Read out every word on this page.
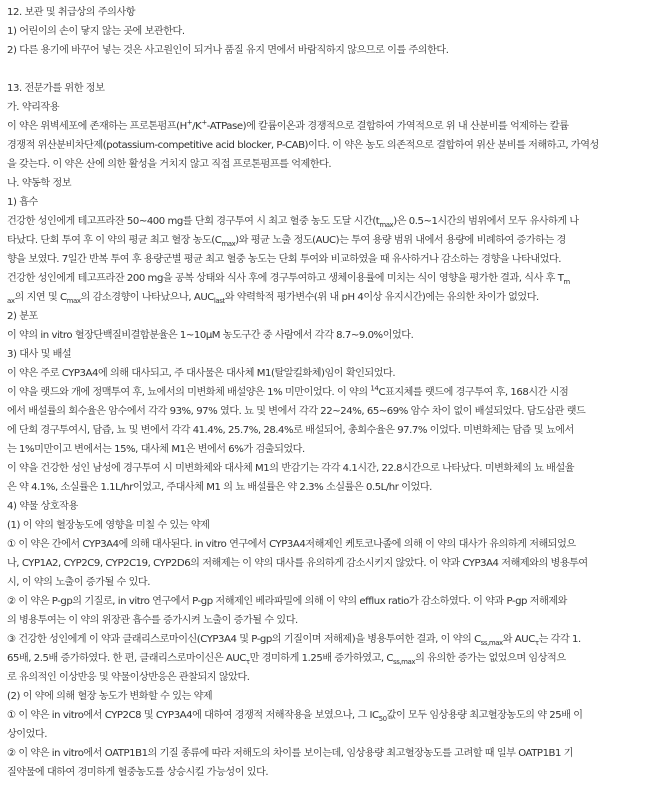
12. 보관 및 취급상의 주의사항
1) 어린이의 손이 닿지 않는 곳에 보관한다.
2) 다른 용기에 바꾸어 넣는 것은 사고원인이 되거나 품질 유지 면에서 바람직하지 않으므로 이를 주의한다.
13. 전문가를 위한 정보
가. 약리작용
이 약은 위벽세포에 존재하는 프로톤펌프(H+/K+-ATPase)에 칼륨이온과 경쟁적으로 결합하여 가역적으로 위 내 산분비를 억제하는 칼륨
경쟁적 위산분비차단제(potassium-competitive acid blocker, P-CAB)이다. 이 약은 농도 의존적으로 결합하여 위산 분비를 저해하고, 가역성
을 갖는다. 이 약은 산에 의한 활성을 거치지 않고 직접 프로톤펌프를 억제한다.
나. 약동학 정보
1) 흡수
건강한 성인에게 테고프라잔 50~400 mg를 단회 경구투여 시 최고 혈중 농도 도달 시간$(t_{max})$은 0.5~1시간의 범위에서 모두 유사하게 나
타났다. 단회 투여 후 이 약의 평균 최고 혈장 농도$(C_{max})$와 평균 노출 정도(AUC)는 투여 용량 범위 내에서 용량에 비례하여 증가하는 경
향을 보였다. 7일간 반복 투여 후 용량군별 평균 최고 혈중 농도는 단회 투여와 비교하였을 때 유사하거나 감소하는 경향을 나타내었다.
건강한 성인에게 테고프라잔 200 mg을 공복 상태와 식사 후에 경구투여하고 생체이용률에 미치는 식이 영향을 평가한 결과, 식사 후 $T_m$
$_{ax}$의 지연 및 $C_{max}$의 감소경향이 나타났으나, $AUC_{last}$와 약력학적 평가변수(위 내 pH 4이상 유지시간)에는 유의한 차이가 없었다.
2) 분포
이 약의 in vitro 혈장단백질비결합분율은 1~10μM 농도구간 중 사람에서 각각 8.7~9.0%이었다.
3) 대사 및 배설
이 약은 주로 CYP3A4에 의해 대사되고, 주 대사물은 대사체 M1(탈알킬화체)임이 확인되었다.
이 약을 랫드와 개에 정맥투여 후, 뇨에서의 미변화체 배설양은 1% 미만이었다. 이 약의 $^{14}$C표지체를 랫드에 경구투여 후, 168시간 시점
에서 배설률의 회수율은 암수에서 각각 93%, 97% 였다. 뇨 및 변에서 각각 22~24%, 65~69% 암수 차이 없이 배설되었다. 담도삽관 랫드
에 단회 경구투여시, 담즙, 뇨 및 변에서 각각 41.4%, 25.7%, 28.4%로 배설되어, 총회수율은 97.7% 이었다. 미변화체는 담즙 및 뇨에서
는 1%미만이고 변에서는 15%, 대사체 M1은 변에서 6%가 검출되었다.
이 약을 건강한 성인 남성에 경구투여 시 미변화체와 대사체 M1의 반감기는 각각 4.1시간, 22.8시간으로 나타났다. 미변화체의 뇨 배설율
은 약 4.1%, 소실률은 1.1L/hr이었고, 주대사체 M1 의 뇨 배설률은 약 2.3% 소실률은 0.5L/hr 이었다.
4) 약물 상호작용
(1) 이 약의 혈장농도에 영향을 미칠 수 있는 약제
① 이 약은 간에서 CYP3A4에 의해 대사된다. in vitro 연구에서 CYP3A4저해제인 케토코나졸에 의해 이 약의 대사가 유의하게 저해되었으
나, CYP1A2, CYP2C9, CYP2C19, CYP2D6의 저해제는 이 약의 대사를 유의하게 감소시키지 않았다. 이 약과 CYP3A4 저해제와의 병용투여
시, 이 약의 노출이 증가될 수 있다.
② 이 약은 P-gp의 기질로, in vitro 연구에서 P-gp 저해제인 베라파밀에 의해 이 약의 efflux ratio가 감소하였다. 이 약과 P-gp 저해제와
의 병용투여는 이 약의 위장관 흡수를 증가시켜 노출이 증가될 수 있다.
③ 건강한 성인에게 이 약과 클래리스로마이신(CYP3A4 및 P-gp의 기질이며 저해제)을 병용투여한 결과, 이 약의 $C_{ss,max}$와 $AUC_\tau$는 각각 1.
65배, 2.5배 증가하였다. 한 편, 클래리스로마이신은 $AUC_\tau$만 경미하게 1.25배 증가하였고, $C_{ss,max}$의 유의한 증가는 없었으며 임상적으
로 유의적인 이상반응 및 약물이상반응은 관찰되지 않았다.
(2) 이 약에 의해 혈장 농도가 변화할 수 있는 약제
① 이 약은 in vitro에서 CYP2C8 및 CYP3A4에 대하여 경쟁적 저해작용을 보였으나, 그 $IC_{50}$값이 모두 임상용량 최고혈장농도의 약 25배 이
상이었다.
② 이 약은 in vitro에서 OATP1B1의 기질 종류에 따라 저해도의 차이를 보이는데, 임상용량 최고혈장농도를 고려할 때 일부 OATP1B1 기
질약물에 대하여 경미하게 혈중농도를 상승시킬 가능성이 있다.
